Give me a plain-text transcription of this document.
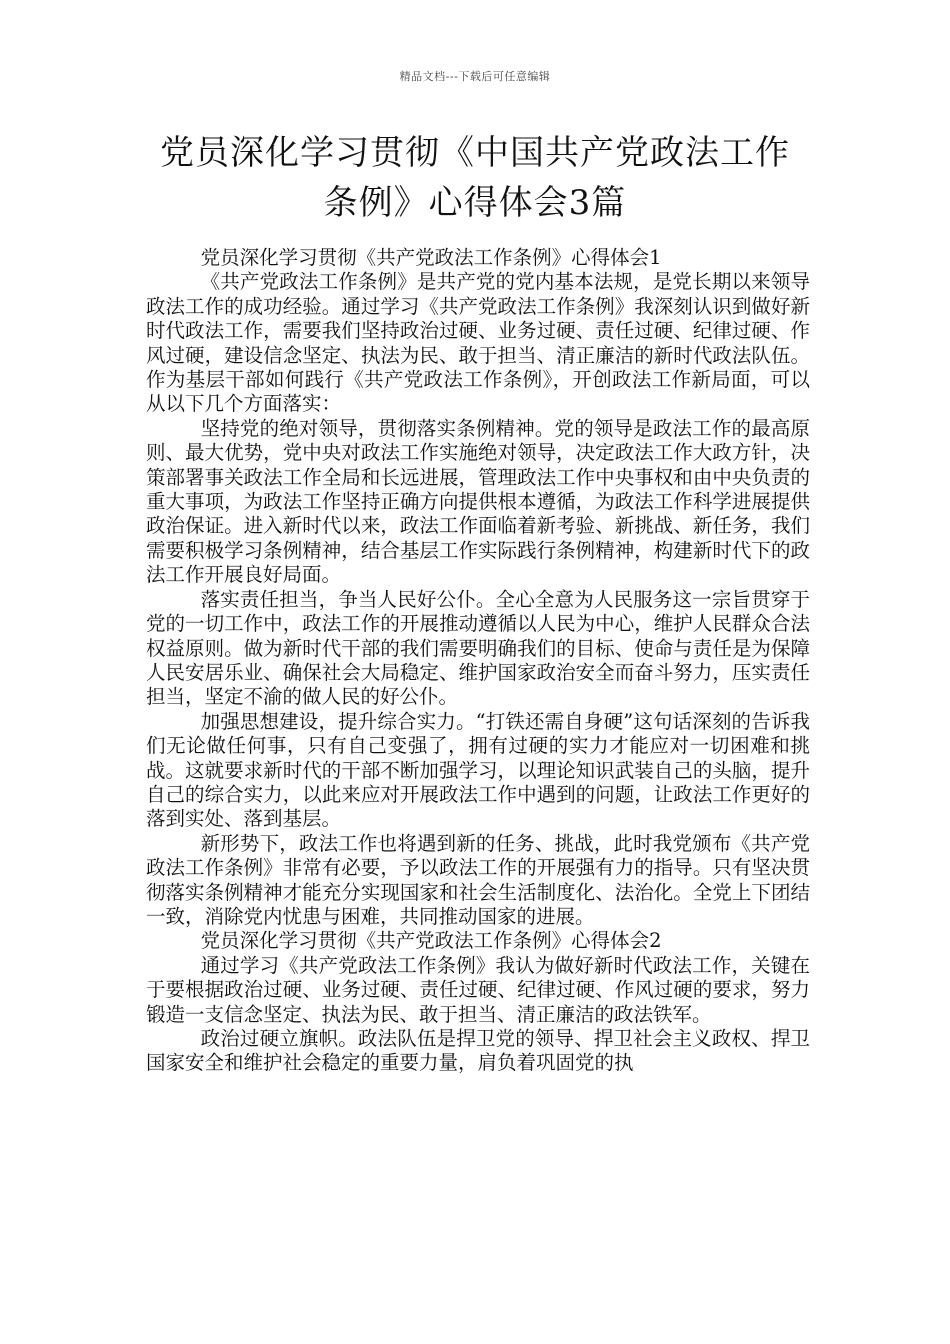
精品文档---下载后可任意编辑
党员深化学习贯彻《中国共产党政法工作
条例》心得体会3篇

党员深化学习贯彻《共产党政法工作条例》心得体会1

《共产党政法工作条例》是共产党的党内基本法规，是党长期以来领导政法工作的成功经验。通过学习《共产党政法工作条例》我深刻认识到做好新时代政法工作，需要我们坚持政治过硬、业务过硬、责任过硬、纪律过硬、作风过硬，建设信念坚定、执法为民、敢于担当、清正廉洁的新时代政法队伍。作为基层干部如何践行《共产党政法工作条例》，开创政法工作新局面，可以从以下几个方面落实：

坚持党的绝对领导，贯彻落实条例精神。党的领导是政法工作的最高原则、最大优势，党中央对政法工作实施绝对领导，决定政法工作大政方针，决策部署事关政法工作全局和长远进展，管理政法工作中央事权和由中央负责的重大事项，为政法工作坚持正确方向提供根本遵循，为政法工作科学进展提供政治保证。进入新时代以来，政法工作面临着新考验、新挑战、新任务，我们需要积极学习条例精神，结合基层工作实际践行条例精神，构建新时代下的政法工作开展良好局面。

落实责任担当，争当人民好公仆。全心全意为人民服务这一宗旨贯穿于党的一切工作中，政法工作的开展推动遵循以人民为中心，维护人民群众合法权益原则。做为新时代干部的我们需要明确我们的目标、使命与责任是为保障人民安居乐业、确保社会大局稳定、维护国家政治安全而奋斗努力，压实责任担当，坚定不渝的做人民的好公仆。

加强思想建设，提升综合实力。“打铁还需自身硬”这句话深刻的告诉我们无论做任何事，只有自己变强了，拥有过硬的实力才能应对一切困难和挑战。这就要求新时代的干部不断加强学习，以理论知识武装自己的头脑，提升自己的综合实力，以此来应对开展政法工作中遇到的问题，让政法工作更好的落到实处、落到基层。

新形势下，政法工作也将遇到新的任务、挑战，此时我党颁布《共产党政法工作条例》非常有必要，予以政法工作的开展强有力的指导。只有坚决贯彻落实条例精神才能充分实现国家和社会生活制度化、法治化。全党上下团结一致，消除党内忧患与困难，共同推动国家的进展。

党员深化学习贯彻《共产党政法工作条例》心得体会2

通过学习《共产党政法工作条例》我认为做好新时代政法工作，关键在于要根据政治过硬、业务过硬、责任过硬、纪律过硬、作风过硬的要求，努力锻造一支信念坚定、执法为民、敢于担当、清正廉洁的政法铁军。

政治过硬立旗帜。政法队伍是捍卫党的领导、捍卫社会主义政权、捍卫国家安全和维护社会稳定的重要力量，肩负着巩固党的执
